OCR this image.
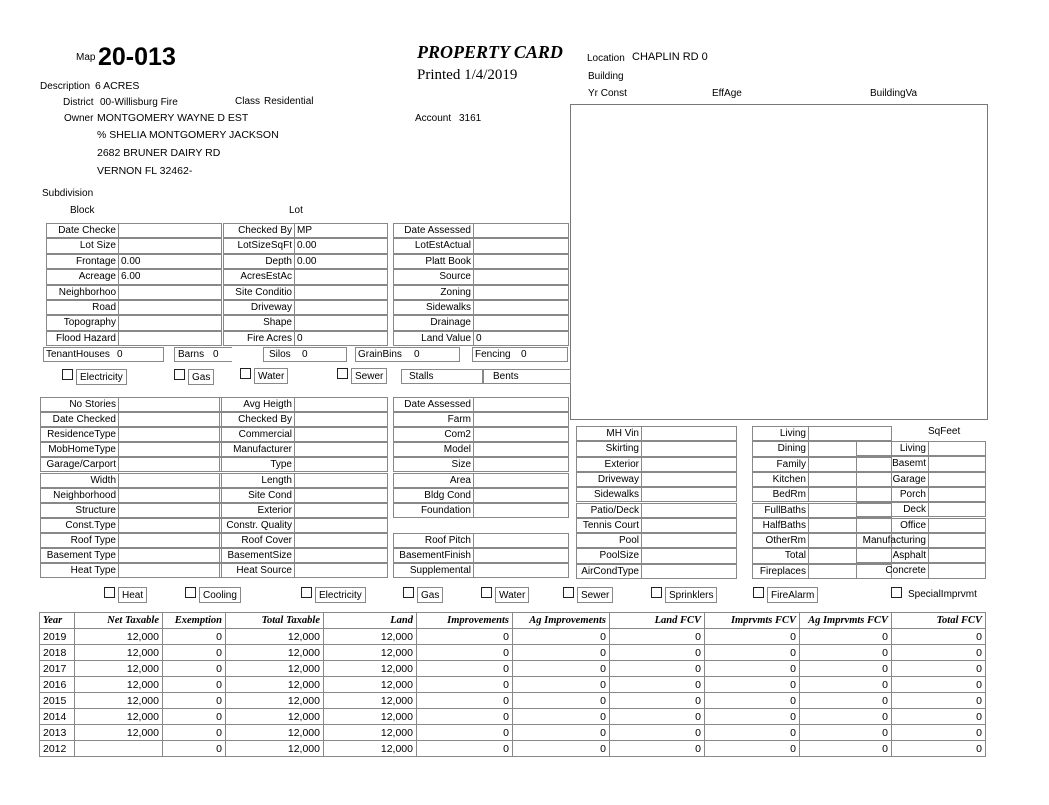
Map 20-013	PROPERTY CARD
Printed 1/4/2019
Description 6 ACRES
District 00-Willisburg Fire	Class Residential
Owner MONTGOMERY WAYNE D EST
% SHELIA MONTGOMERY JACKSON
2682 BRUNER DAIRY RD
VERNON FL 32462-
Account 3161
Location CHAPLIN RD 0
Building
Yr Const	EffAge	BuildingVa
Subdivision
Block	Lot
Date Checke
Lot Size
Frontage 0.00
Acreage 6.00
Neighborhoo
Road
Topography
Flood Hazard
Checked By MP
LotSizeSqFt 0.00
Depth 0.00
AcresEstAc
Site Conditio
Driveway
Shape
Fire Acres 0
Date Assessed
LotEstActual
Platt Book
Source
Zoning
Sidewalks
Drainage
Land Value 0
TenantHouses 0	Barns 0	Silos 0	GrainBins 0	Fencing 0
Electricity	Gas	Water	Sewer	Stalls	Bents
No Stories
Date Checked
ResidenceType
MobHomeType
Garage/Carport
Width
Neighborhood
Structure
Const.Type
Roof Type
Basement Type
Heat Type
Avg Heigth
Checked By
Commercial
Manufacturer
Type
Length
Site Cond
Exterior
Constr. Quality
Roof Cover
BasementSize
Heat Source
Date Assessed
Farm
Com2
Model
Size
Area
Bldg Cond
Foundation
Roof Pitch
BasementFinish
Supplemental
MH Vin
Skirting
Exterior
Driveway
Sidewalks
Patio/Deck
Tennis Court
Pool
PoolSize
AirCondType
Living
Dining
Family
Kitchen
BedRm
FullBaths
HalfBaths
OtherRm
Total
Fireplaces
SqFeet
Living
Basemt
Garage
Porch
Deck
Office
Manufacturing
Asphalt
Concrete
Heat	Cooling	Electricity	Gas	Water	Sewer	Sprinklers	FireAlarm	SpecialImprvmt
Year	Net Taxable	Exemption	Total Taxable	Land	Improvements	Ag Improvements	Land FCV	Imprvmts FCV	Ag Imprvmts FCV	Total FCV
2019	12,000	0	12,000	12,000	0	0	0	0	0	0
2018	12,000	0	12,000	12,000	0	0	0	0	0	0
2017	12,000	0	12,000	12,000	0	0	0	0	0	0
2016	12,000	0	12,000	12,000	0	0	0	0	0	0
2015	12,000	0	12,000	12,000	0	0	0	0	0	0
2014	12,000	0	12,000	12,000	0	0	0	0	0	0
2013	12,000	0	12,000	12,000	0	0	0	0	0	0
2012		0	12,000	12,000	0	0	0	0	0	0
